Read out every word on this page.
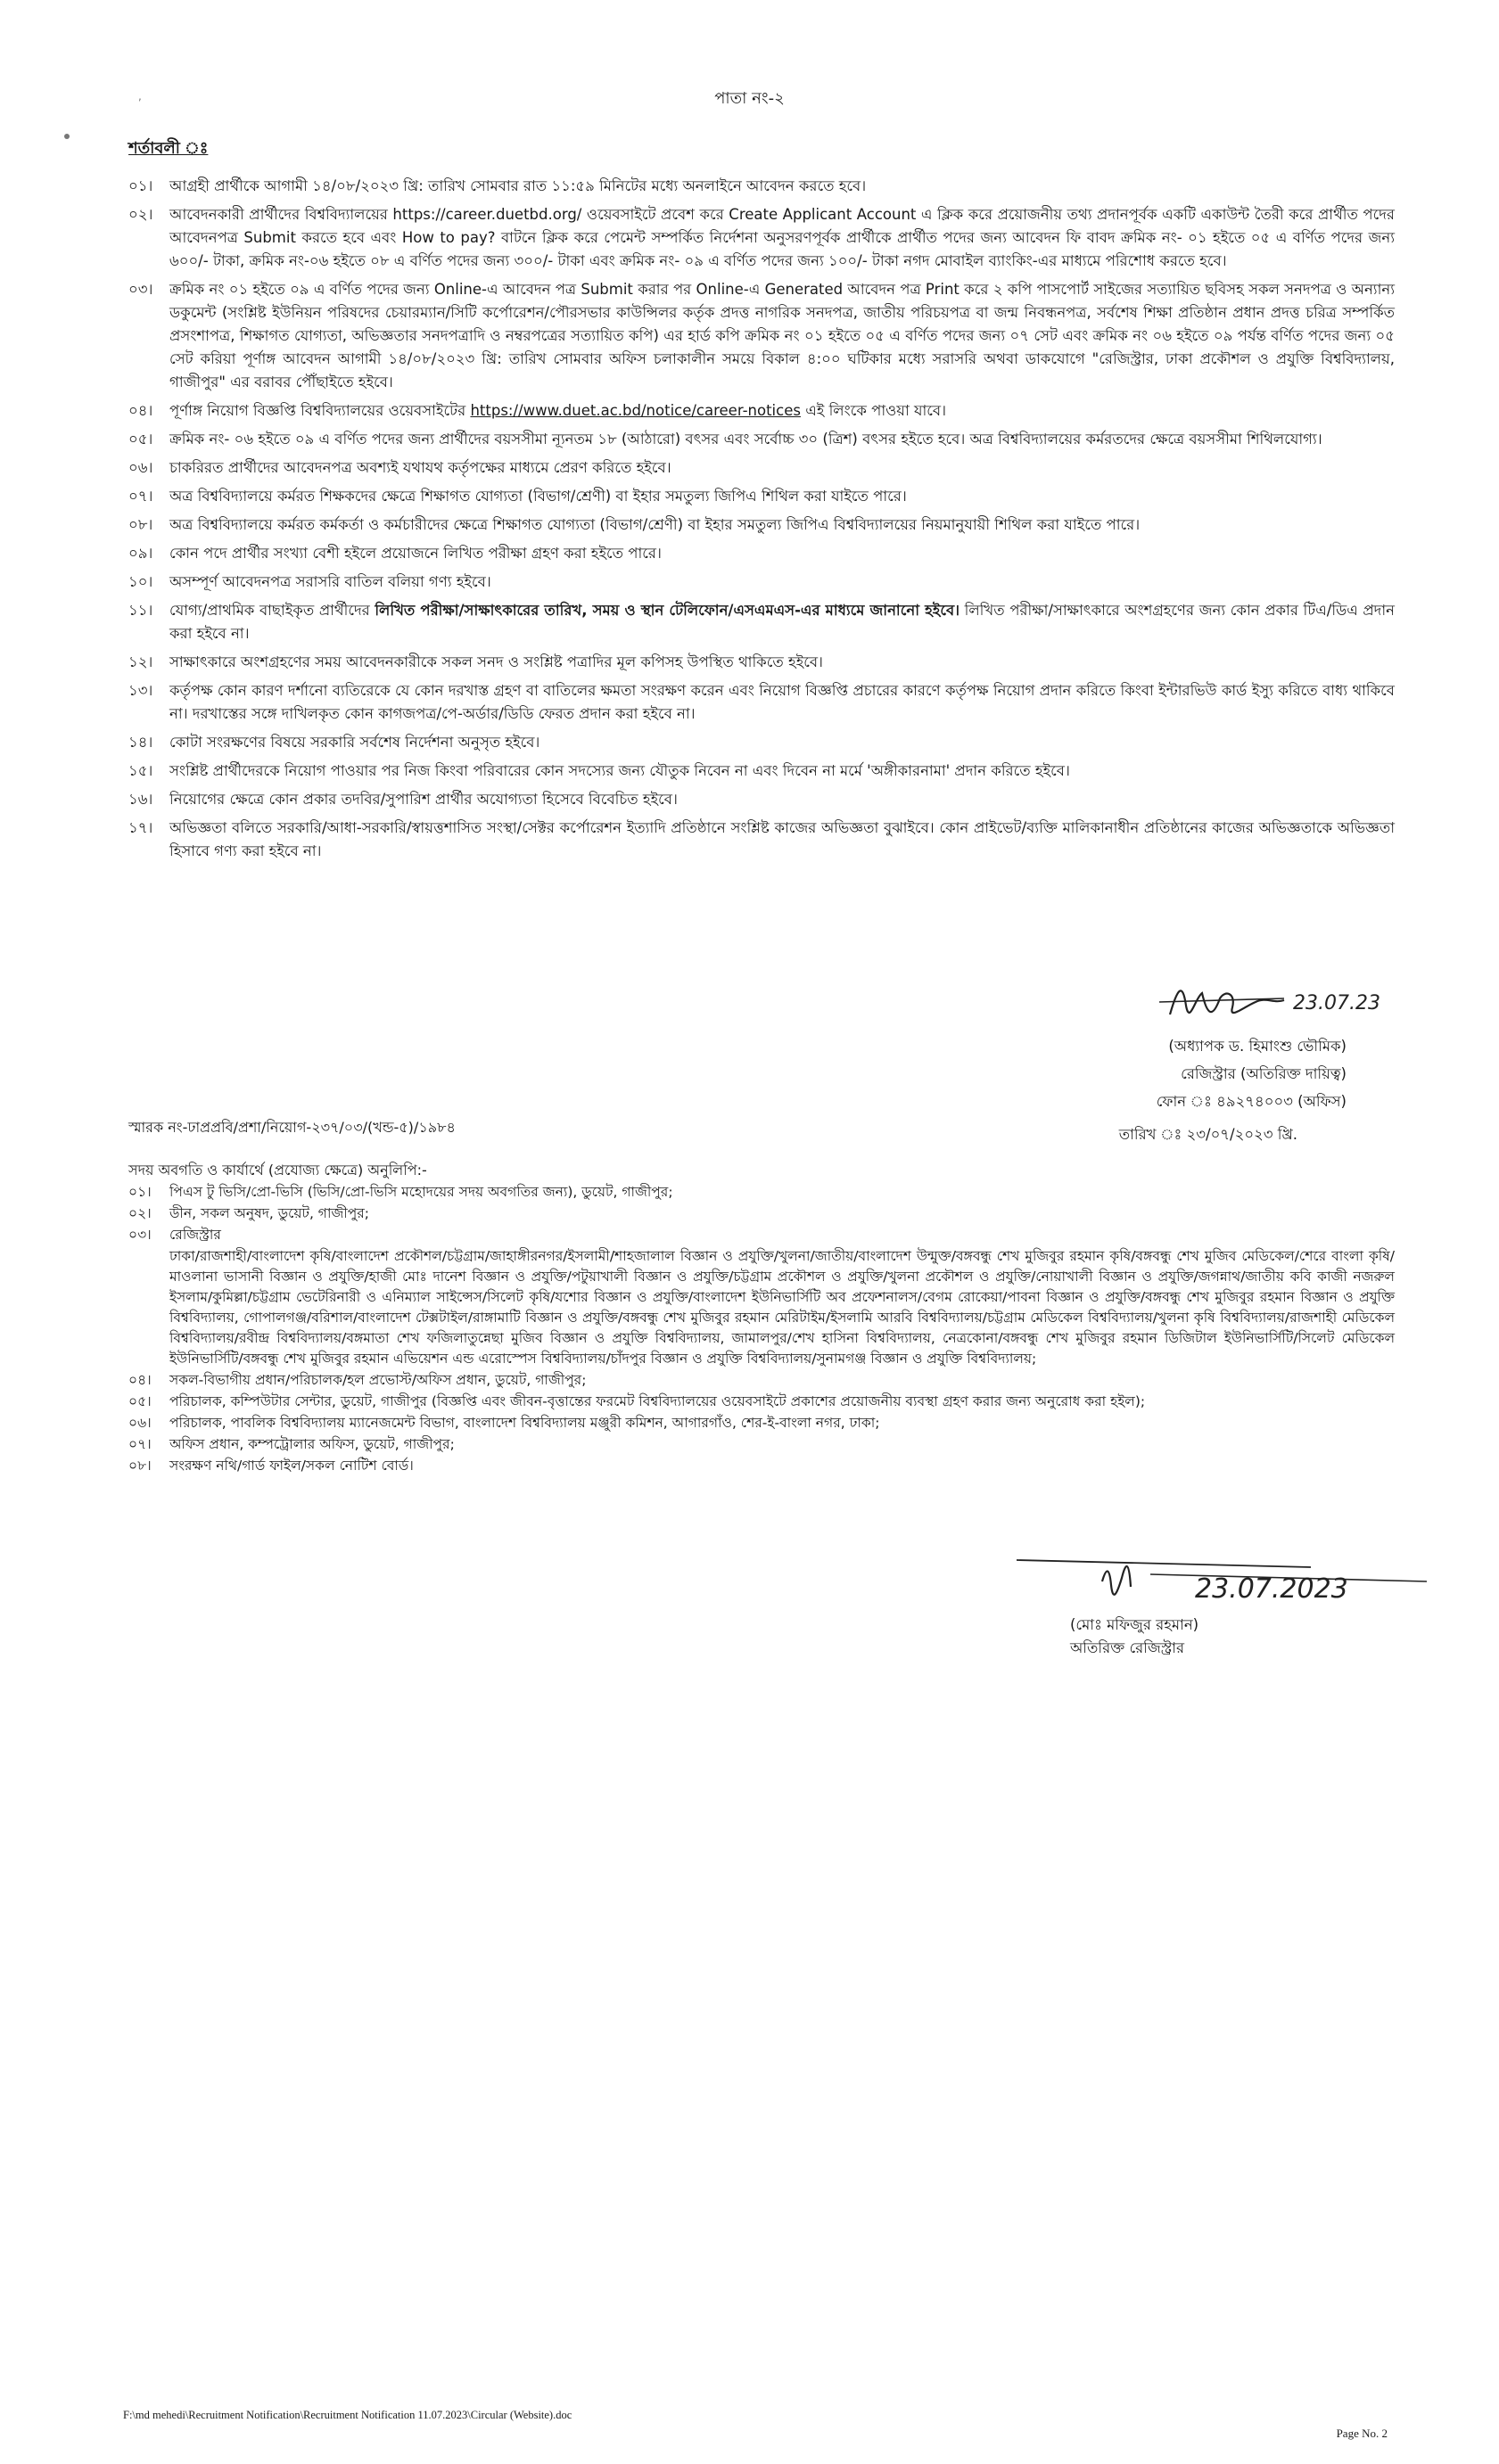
,	পাতা নং-২
শর্তাবলী ঃ
০১।	আগ্রহী প্রার্থীকে আগামী ১৪/০৮/২০২৩ খ্রি: তারিখ সোমবার রাত ১১:৫৯ মিনিটের মধ্যে অনলাইনে আবেদন করতে হবে।
০২।	আবেদনকারী প্রার্থীদের বিশ্ববিদ্যালয়ের https://career.duetbd.org/ ওয়েবসাইটে প্রবেশ করে Create Applicant Account এ ক্লিক করে প্রয়োজনীয় তথ্য প্রদানপূর্বক একটি একাউন্ট তৈরী করে প্রার্থীত পদের আবেদনপত্র Submit করতে হবে এবং How to pay? বাটনে ক্লিক করে পেমেন্ট সম্পর্কিত নির্দেশনা অনুসরণপূর্বক প্রার্থীকে প্রার্থীত পদের জন্য আবেদন ফি বাবদ ক্রমিক নং- ০১ হইতে ০৫ এ বর্ণিত পদের জন্য ৬০০/- টাকা, ক্রমিক নং-০৬ হইতে ০৮ এ বর্ণিত পদের জন্য ৩০০/- টাকা এবং ক্রমিক নং- ০৯ এ বর্ণিত পদের জন্য ১০০/- টাকা নগদ মোবাইল ব্যাংকিং-এর মাধ্যমে পরিশোধ করতে হবে।
০৩।	ক্রমিক নং ০১ হইতে ০৯ এ বর্ণিত পদের জন্য Online-এ আবেদন পত্র Submit করার পর Online-এ Generated আবেদন পত্র Print করে ২ কপি পাসপোর্ট সাইজের সত্যায়িত ছবিসহ সকল সনদপত্র ও অন্যান্য ডকুমেন্ট (সংশ্লিষ্ট ইউনিয়ন পরিষদের চেয়ারম্যান/সিটি কর্পোরেশন/পৌরসভার কাউন্সিলর কর্তৃক প্রদত্ত নাগরিক সনদপত্র, জাতীয় পরিচয়পত্র বা জন্ম নিবন্ধনপত্র, সর্বশেষ শিক্ষা প্রতিষ্ঠান প্রধান প্রদত্ত চরিত্র সম্পর্কিত প্রসংশাপত্র, শিক্ষাগত যোগ্যতা, অভিজ্ঞতার সনদপত্রাদি ও নম্বরপত্রের সত্যায়িত কপি) এর হার্ড কপি ক্রমিক নং ০১ হইতে ০৫ এ বর্ণিত পদের জন্য ০৭ সেট এবং ক্রমিক নং ০৬ হইতে ০৯ পর্যন্ত বর্ণিত পদের জন্য ০৫ সেট করিয়া পূর্ণাঙ্গ আবেদন আগামী ১৪/০৮/২০২৩ খ্রি: তারিখ সোমবার অফিস চলাকালীন সময়ে বিকাল ৪:০০ ঘটিকার মধ্যে সরাসরি অথবা ডাকযোগে "রেজিস্ট্রার, ঢাকা প্রকৌশল ও প্রযুক্তি বিশ্ববিদ্যালয়, গাজীপুর" এর বরাবর পৌঁছাইতে হইবে।
০৪।	পূর্ণাঙ্গ নিয়োগ বিজ্ঞপ্তি বিশ্ববিদ্যালয়ের ওয়েবসাইটের https://www.duet.ac.bd/notice/career-notices এই লিংকে পাওয়া যাবে।
০৫।	ক্রমিক নং- ০৬ হইতে ০৯ এ বর্ণিত পদের জন্য প্রার্থীদের বয়সসীমা ন্যূনতম ১৮ (আঠারো) বৎসর এবং সর্বোচ্চ ৩০ (ত্রিশ) বৎসর হইতে হবে। অত্র বিশ্ববিদ্যালয়ের কর্মরতদের ক্ষেত্রে বয়সসীমা শিথিলযোগ্য।
০৬।	চাকরিরত প্রার্থীদের আবেদনপত্র অবশ্যই যথাযথ কর্তৃপক্ষের মাধ্যমে প্রেরণ করিতে হইবে।
০৭।	অত্র বিশ্ববিদ্যালয়ে কর্মরত শিক্ষকদের ক্ষেত্রে শিক্ষাগত যোগ্যতা (বিভাগ/শ্রেণী) বা ইহার সমতুল্য জিপিএ শিথিল করা যাইতে পারে।
০৮।	অত্র বিশ্ববিদ্যালয়ে কর্মরত কর্মকর্তা ও কর্মচারীদের ক্ষেত্রে শিক্ষাগত যোগ্যতা (বিভাগ/শ্রেণী) বা ইহার সমতুল্য জিপিএ বিশ্ববিদ্যালয়ের নিয়মানুযায়ী শিথিল করা যাইতে পারে।
০৯।	কোন পদে প্রার্থীর সংখ্যা বেশী হইলে প্রয়োজনে লিখিত পরীক্ষা গ্রহণ করা হইতে পারে।
১০।	অসম্পূর্ণ আবেদনপত্র সরাসরি বাতিল বলিয়া গণ্য হইবে।
১১।	যোগ্য/প্রাথমিক বাছাইকৃত প্রার্থীদের লিখিত পরীক্ষা/সাক্ষাৎকারের তারিখ, সময় ও স্থান টেলিফোন/এসএমএস-এর মাধ্যমে জানানো হইবে। লিখিত পরীক্ষা/সাক্ষাৎকারে অংশগ্রহণের জন্য কোন প্রকার টিএ/ডিএ প্রদান করা হইবে না।
১২।	সাক্ষাৎকারে অংশগ্রহণের সময় আবেদনকারীকে সকল সনদ ও সংশ্লিষ্ট পত্রাদির মূল কপিসহ উপস্থিত থাকিতে হইবে।
১৩।	কর্তৃপক্ষ কোন কারণ দর্শানো ব্যতিরেকে যে কোন দরখাস্ত গ্রহণ বা বাতিলের ক্ষমতা সংরক্ষণ করেন এবং নিয়োগ বিজ্ঞপ্তি প্রচারের কারণে কর্তৃপক্ষ নিয়োগ প্রদান করিতে কিংবা ইন্টারভিউ কার্ড ইস্যু করিতে বাধ্য থাকিবে না। দরখাস্তের সঙ্গে দাখিলকৃত কোন কাগজপত্র/পে-অর্ডার/ডিডি ফেরত প্রদান করা হইবে না।
১৪।	কোটা সংরক্ষণের বিষয়ে সরকারি সর্বশেষ নির্দেশনা অনুসৃত হইবে।
১৫।	সংশ্লিষ্ট প্রার্থীদেরকে নিয়োগ পাওয়ার পর নিজ কিংবা পরিবারের কোন সদস্যের জন্য যৌতুক নিবেন না এবং দিবেন না মর্মে 'অঙ্গীকারনামা' প্রদান করিতে হইবে।
১৬।	নিয়োগের ক্ষেত্রে কোন প্রকার তদবির/সুপারিশ প্রার্থীর অযোগ্যতা হিসেবে বিবেচিত হইবে।
১৭।	অভিজ্ঞতা বলিতে সরকারি/আধা-সরকারি/স্বায়ত্তশাসিত সংস্থা/সেক্টর কর্পোরেশন ইত্যাদি প্রতিষ্ঠানে সংশ্লিষ্ট কাজের অভিজ্ঞতা বুঝাইবে। কোন প্রাইভেট/ব্যক্তি মালিকানাধীন প্রতিষ্ঠানের কাজের অভিজ্ঞতাকে অভিজ্ঞতা হিসাবে গণ্য করা হইবে না।
23.07.23
(অধ্যাপক ড. হিমাংশু ভৌমিক)
রেজিস্ট্রার (অতিরিক্ত দায়িত্ব)
ফোন ঃ ৪৯২৭৪০০৩ (অফিস)
স্মারক নং-ঢাপ্রপ্রবি/প্রশা/নিয়োগ-২৩৭/০৩/(খন্ড-৫)/১৯৮৪	তারিখ ঃ ২৩/০৭/২০২৩ খ্রি.
সদয় অবগতি ও কার্যার্থে (প্রযোজ্য ক্ষেত্রে) অনুলিপি:-
০১।	পিএস টু ভিসি/প্রো-ভিসি (ভিসি/প্রো-ভিসি মহোদয়ের সদয় অবগতির জন্য), ডুয়েট, গাজীপুর;
০২।	ডীন, সকল অনুষদ, ডুয়েট, গাজীপুর;
০৩।	রেজিস্ট্রার
ঢাকা/রাজশাহী/বাংলাদেশ কৃষি/বাংলাদেশ প্রকৌশল/চট্টগ্রাম/জাহাঙ্গীরনগর/ইসলামী/শাহজালাল বিজ্ঞান ও প্রযুক্তি/খুলনা/জাতীয়/বাংলাদেশ উন্মুক্ত/বঙ্গবন্ধু শেখ মুজিবুর রহমান কৃষি/বঙ্গবন্ধু শেখ মুজিব মেডিকেল/শেরে বাংলা কৃষি/মাওলানা ভাসানী বিজ্ঞান ও প্রযুক্তি/হাজী মোঃ দানেশ বিজ্ঞান ও প্রযুক্তি/পটুয়াখালী বিজ্ঞান ও প্রযুক্তি/চট্টগ্রাম প্রকৌশল ও প্রযুক্তি/খুলনা প্রকৌশল ও প্রযুক্তি/নোয়াখালী বিজ্ঞান ও প্রযুক্তি/জগন্নাথ/জাতীয় কবি কাজী নজরুল ইসলাম/কুমিল্লা/চট্টগ্রাম ভেটেরিনারী ও এনিম্যাল সাইন্সেস/সিলেট কৃষি/যশোর বিজ্ঞান ও প্রযুক্তি/বাংলাদেশ ইউনিভার্সিটি অব প্রফেশনালস/বেগম রোকেয়া/পাবনা বিজ্ঞান ও প্রযুক্তি/বঙ্গবন্ধু শেখ মুজিবুর রহমান বিজ্ঞান ও প্রযুক্তি বিশ্ববিদ্যালয়, গোপালগঞ্জ/বরিশাল/বাংলাদেশ টেক্সটাইল/রাঙ্গামাটি বিজ্ঞান ও প্রযুক্তি/বঙ্গবন্ধু শেখ মুজিবুর রহমান মেরিটাইম/ইসলামি আরবি বিশ্ববিদ্যালয়/চট্টগ্রাম মেডিকেল বিশ্ববিদ্যালয়/খুলনা কৃষি বিশ্ববিদ্যালয়/রাজশাহী মেডিকেল বিশ্ববিদ্যালয়/রবীন্দ্র বিশ্ববিদ্যালয়/বঙ্গমাতা শেখ ফজিলাতুন্নেছা মুজিব বিজ্ঞান ও প্রযুক্তি বিশ্ববিদ্যালয়, জামালপুর/শেখ হাসিনা বিশ্ববিদ্যালয়, নেত্রকোনা/বঙ্গবন্ধু শেখ মুজিবুর রহমান ডিজিটাল ইউনিভার্সিটি/সিলেট মেডিকেল ইউনিভার্সিটি/বঙ্গবন্ধু শেখ মুজিবুর রহমান এভিয়েশন এন্ড এরোস্পেস বিশ্ববিদ্যালয়/চাঁদপুর বিজ্ঞান ও প্রযুক্তি বিশ্ববিদ্যালয়/সুনামগঞ্জ বিজ্ঞান ও প্রযুক্তি বিশ্ববিদ্যালয়;
০৪।	সকল-বিভাগীয় প্রধান/পরিচালক/হল প্রভোস্ট/অফিস প্রধান, ডুয়েট, গাজীপুর;
০৫।	পরিচালক, কম্পিউটার সেন্টার, ডুয়েট, গাজীপুর (বিজ্ঞপ্তি এবং জীবন-বৃত্তান্তের ফরমেট বিশ্ববিদ্যালয়ের ওয়েবসাইটে প্রকাশের প্রয়োজনীয় ব্যবস্থা গ্রহণ করার জন্য অনুরোধ করা হইল);
০৬।	পরিচালক, পাবলিক বিশ্ববিদ্যালয় ম্যানেজমেন্ট বিভাগ, বাংলাদেশ বিশ্ববিদ্যালয় মঞ্জুরী কমিশন, আগারগাঁও, শের-ই-বাংলা নগর, ঢাকা;
০৭।	অফিস প্রধান, কম্পট্রোলার অফিস, ডুয়েট, গাজীপুর;
০৮।	সংরক্ষণ নথি/গার্ড ফাইল/সকল নোটিশ বোর্ড।
23.07.2023
(মোঃ মফিজুর রহমান)
অতিরিক্ত রেজিস্ট্রার
F:\md mehedi\Recruitment Notification\Recruitment Notification 11.07.2023\Circular (Website).doc
Page No. 2
